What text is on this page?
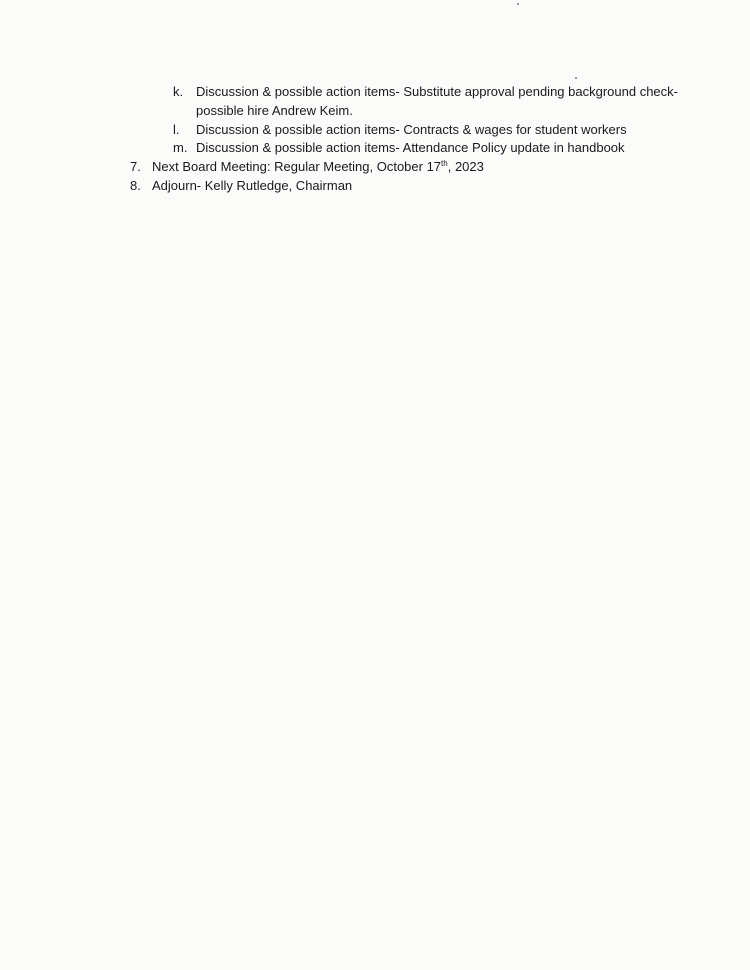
k. Discussion & possible action items- Substitute approval pending background check-
possible hire Andrew Keim.
l. Discussion & possible action items- Contracts & wages for student workers
m. Discussion & possible action items- Attendance Policy update in handbook
7. Next Board Meeting: Regular Meeting, October 17th, 2023
8. Adjourn- Kelly Rutledge, Chairman
